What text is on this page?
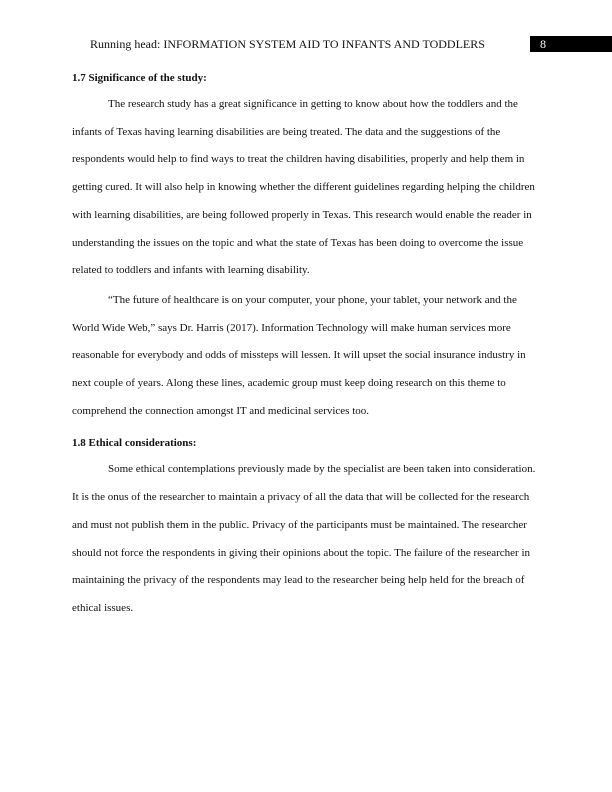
Running head: INFORMATION SYSTEM AID TO INFANTS AND TODDLERS	8
1.7 Significance of the study:

The research study has a great significance in getting to know about how the toddlers and the infants of Texas having learning disabilities are being treated. The data and the suggestions of the respondents would help to find ways to treat the children having disabilities, properly and help them in getting cured. It will also help in knowing whether the different guidelines regarding helping the children with learning disabilities, are being followed properly in Texas. This research would enable the reader in understanding the issues on the topic and what the state of Texas has been doing to overcome the issue related to toddlers and infants with learning disability.

“The future of healthcare is on your computer, your phone, your tablet, your network and the World Wide Web,” says Dr. Harris (2017). Information Technology will make human services more reasonable for everybody and odds of missteps will lessen. It will upset the social insurance industry in next couple of years. Along these lines, academic group must keep doing research on this theme to comprehend the connection amongst IT and medicinal services too.

1.8 Ethical considerations:

Some ethical contemplations previously made by the specialist are been taken into consideration. It is the onus of the researcher to maintain a privacy of all the data that will be collected for the research and must not publish them in the public. Privacy of the participants must be maintained. The researcher should not force the respondents in giving their opinions about the topic. The failure of the researcher in maintaining the privacy of the respondents may lead to the researcher being help held for the breach of ethical issues.
